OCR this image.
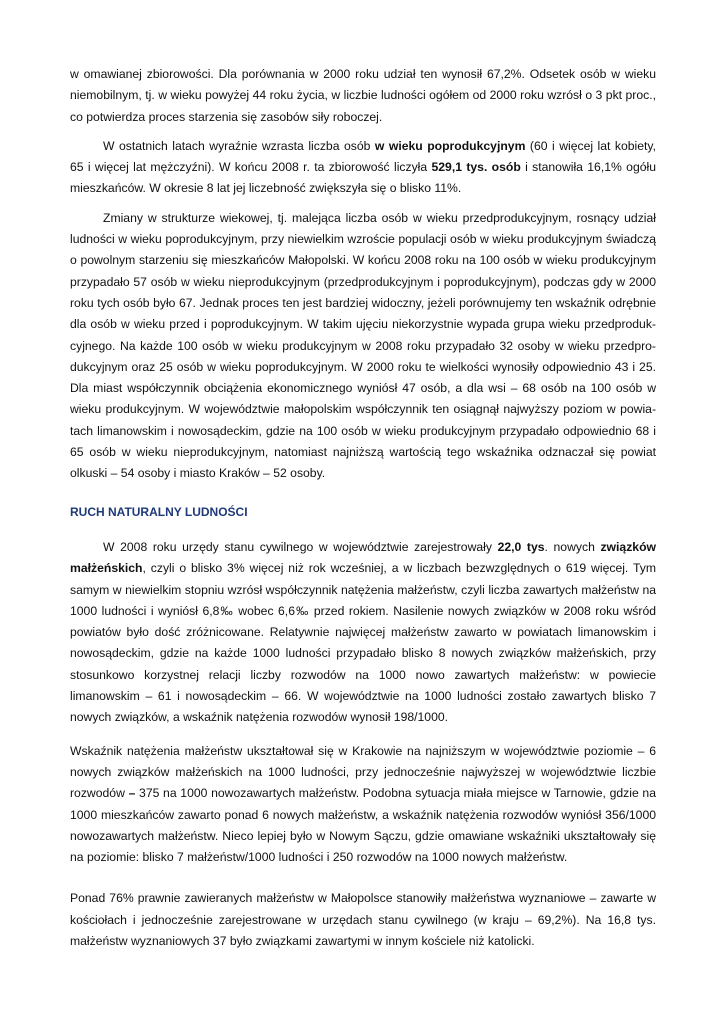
w omawianej zbiorowości. Dla porównania w 2000 roku udział ten wynosił 67,2%. Odsetek osób w wieku niemobilnym, tj. w wieku powyżej 44 roku życia, w liczbie ludności ogółem od 2000 roku wzrósł o 3 pkt proc., co potwierdza proces starzenia się zasobów siły roboczej.

W ostatnich latach wyraźnie wzrasta liczba osób w wieku poprodukcyjnym (60 i więcej lat kobiety, 65 i więcej lat mężczyźni). W końcu 2008 r. ta zbiorowość liczyła 529,1 tys. osób i stanowiła 16,1% ogółu mieszkańców. W okresie 8 lat jej liczebność zwiększyła się o blisko 11%.

Zmiany w strukturze wiekowej, tj. malejąca liczba osób w wieku przedprodukcyjnym, rosnący udział ludności w wieku poprodukcyjnym, przy niewielkim wzroście populacji osób w wieku produkcyjnym świadczą o powolnym starzeniu się mieszkańców Małopolski. W końcu 2008 roku na 100 osób w wieku produkcyjnym przypadało 57 osób w wieku nieprodukcyjnym (przedprodukcyjnym i poprodukcyjnym), podczas gdy w 2000 roku tych osób było 67. Jednak proces ten jest bardziej widoczny, jeżeli porównujemy ten wskaźnik odrębnie dla osób w wieku przed i poprodukcyjnym. W takim ujęciu niekorzystnie wypada grupa wieku przedproduk-cyjnego. Na każde 100 osób w wieku produkcyjnym w 2008 roku przypadało 32 osoby w wieku przedpro-dukcyjnym oraz 25 osób w wieku poprodukcyjnym. W 2000 roku te wielkości wynosiły odpowiednio 43 i 25. Dla miast współczynnik obciążenia ekonomicznego wyniósł 47 osób, a dla wsi – 68 osób na 100 osób w wieku produkcyjnym. W województwie małopolskim współczynnik ten osiągnął najwyższy poziom w powia-tach limanowskim i nowosądeckim, gdzie na 100 osób w wieku produkcyjnym przypadało odpowiednio 68 i 65 osób w wieku nieprodukcyjnym, natomiast najniższą wartością tego wskaźnika odznaczał się powiat olkuski – 54 osoby i miasto Kraków – 52 osoby.

RUCH NATURALNY LUDNOŚCI

W 2008 roku urzędy stanu cywilnego w województwie zarejestrowały 22,0 tys. nowych związków małżeńskich, czyli o blisko 3% więcej niż rok wcześniej, a w liczbach bezwzględnych o 619 więcej. Tym samym w niewielkim stopniu wzrósł współczynnik natężenia małżeństw, czyli liczba zawartych małżeństw na 1000 ludności i wyniósł 6,8‰ wobec 6,6‰ przed rokiem. Nasilenie nowych związków w 2008 roku wśród powiatów było dość zróżnicowane. Relatywnie najwięcej małżeństw zawarto w powiatach limanowskim i nowosądeckim, gdzie na każde 1000 ludności przypadało blisko 8 nowych związków małżeńskich, przy stosunkowo korzystnej relacji liczby rozwodów na 1000 nowo zawartych małżeństw: w powiecie limanowskim – 61 i nowosądeckim – 66. W województwie na 1000 ludności zostało zawartych blisko 7 nowych związków, a wskaźnik natężenia rozwodów wynosił 198/1000.

Wskaźnik natężenia małżeństw ukształtował się w Krakowie na najniższym w województwie poziomie – 6 nowych związków małżeńskich na 1000 ludności, przy jednocześnie najwyższej w województwie liczbie rozwodów – 375 na 1000 nowozawartych małżeństw. Podobna sytuacja miała miejsce w Tarnowie, gdzie na 1000 mieszkańców zawarto ponad 6 nowych małżeństw, a wskaźnik natężenia rozwodów wyniósł 356/1000 nowozawartych małżeństw. Nieco lepiej było w Nowym Sączu, gdzie omawiane wskaźniki ukształtowały się na poziomie: blisko 7 małżeństw/1000 ludności i 250 rozwodów na 1000 nowych małżeństw.

Ponad 76% prawnie zawieranych małżeństw w Małopolsce stanowiły małżeństwa wyznaniowe – zawarte w kościołach i jednocześnie zarejestrowane w urzędach stanu cywilnego (w kraju – 69,2%). Na 16,8 tys. małżeństw wyznaniowych 37 było związkami zawartymi w innym kościele niż katolicki.
